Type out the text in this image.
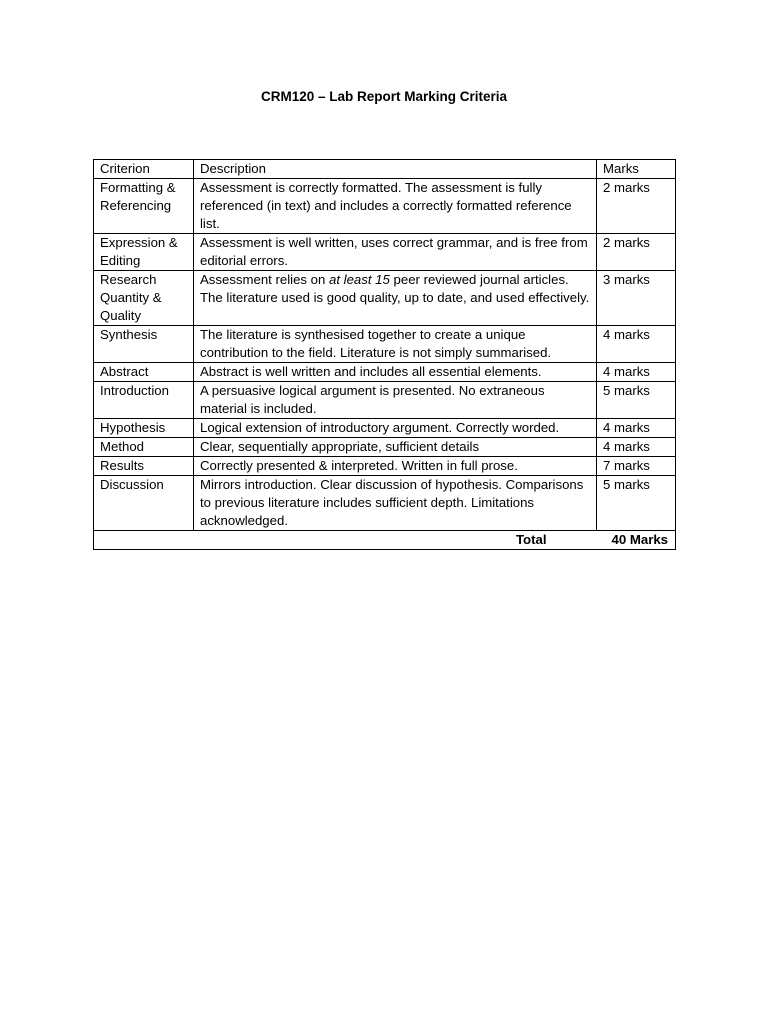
CRM120 – Lab Report Marking Criteria
Criterion	Description	Marks
Formatting & Referencing	Assessment is correctly formatted. The assessment is fully referenced (in text) and includes a correctly formatted reference list.	2 marks
Expression & Editing	Assessment is well written, uses correct grammar, and is free from editorial errors.	2 marks
Research Quantity & Quality	Assessment relies on at least 15 peer reviewed journal articles. The literature used is good quality, up to date, and used effectively.	3 marks
Synthesis	The literature is synthesised together to create a unique contribution to the field. Literature is not simply summarised.	4 marks
Abstract	Abstract is well written and includes all essential elements.	4 marks
Introduction	A persuasive logical argument is presented. No extraneous material is included.	5 marks
Hypothesis	Logical extension of introductory argument. Correctly worded.	4 marks
Method	Clear, sequentially appropriate, sufficient details	4 marks
Results	Correctly presented & interpreted. Written in full prose.	7 marks
Discussion	Mirrors introduction. Clear discussion of hypothesis. Comparisons to previous literature includes sufficient depth. Limitations acknowledged.	5 marks
Total		40 Marks
